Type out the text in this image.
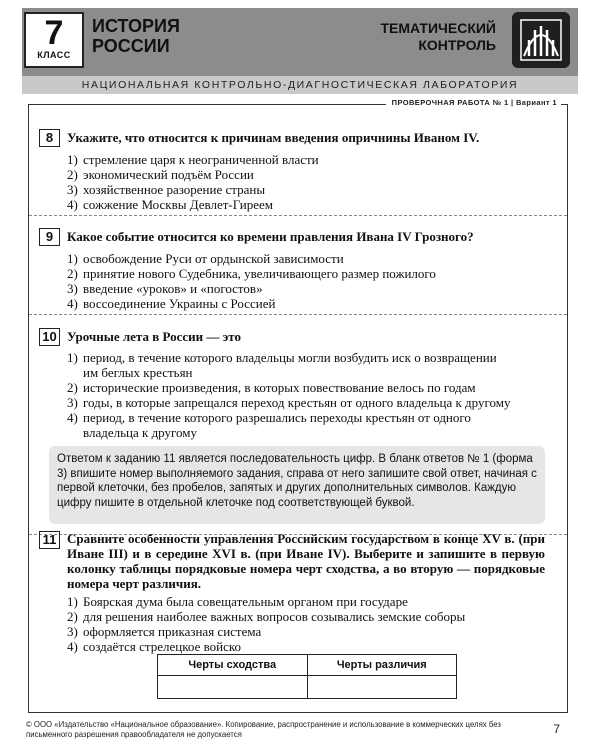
7
КЛАСС
ИСТОРИЯ
РОССИИ
ТЕМАТИЧЕСКИЙ
КОНТРОЛЬ
НАЦИОНАЛЬНАЯ КОНТРОЛЬНО-ДИАГНОСТИЧЕСКАЯ ЛАБОРАТОРИЯ
ПРОВЕРОЧНАЯ РАБОТА № 1 | Вариант 1
8	Укажите, что относится к причинам введения опричнины Иваном IV.
1) стремление царя к неограниченной власти
2) экономический подъём России
3) хозяйственное разорение страны
4) сожжение Москвы Девлет-Гиреем
9	Какое событие относится ко времени правления Ивана IV Грозного?
1) освобождение Руси от ордынской зависимости
2) принятие нового Судебника, увеличивающего размер пожилого
3) введение «уроков» и «погостов»
4) воссоединение Украины с Россией
10 Урочные лета в России — это
1) период, в течение которого владельцы могли возбудить иск о возвращении
им беглых крестьян
2) исторические произведения, в которых повествование велось по годам
3) годы, в которые запрещался переход крестьян от одного владельца к другому
4) период, в течение которого разрешались переходы крестьян от одного
владельца к другому
Ответом к заданию 11 является последовательность цифр. В бланк ответов № 1 (форма 3) впишите номер выполняемого задания, справа от него запишите свой ответ, начиная с первой клеточки, без пробелов, запятых и других дополнительных символов. Каждую цифру пишите в отдельной клеточке под соответствующей буквой.
11 Сравните особенности управления Российским государством в конце XV в. (при Иване III) и в середине XVI в. (при Иване IV). Выберите и запишите в первую колонку таблицы порядковые номера черт сходства, а во вторую — порядковые номера черт различия.
1) Боярская дума была совещательным органом при государе
2) для решения наиболее важных вопросов созывались земские соборы
3) оформляется приказная система
4) создаётся стрелецкое войско
Черты сходства	Черты различия

© ООО «Издательство «Национальное образование». Копирование, распространение и использование в коммерческих целях без письменного разрешения правообладателя не допускается	7
